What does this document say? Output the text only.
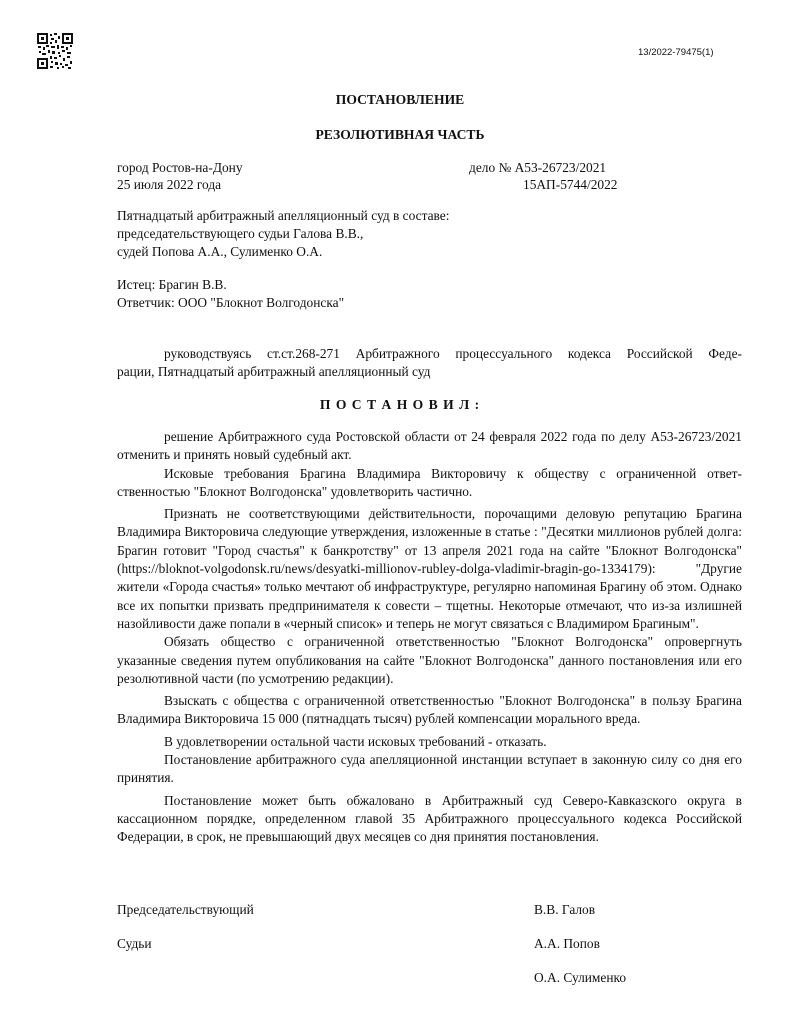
13/2022-79475(1)
ПОСТАНОВЛЕНИЕ
РЕЗОЛЮТИВНАЯ ЧАСТЬ
город Ростов-на-Дону
25 июля 2022 года
дело № А53-26723/2021
15АП-5744/2022
Пятнадцатый арбитражный апелляционный суд в составе:
председательствующего судьи Галова В.В.,
судей Попова А.А., Сулименко О.А.
Истец: Брагин В.В.
Ответчик: ООО "Блокнот Волгодонска"

руководствуясь ст.ст.268-271 Арбитражного процессуального кодекса Российской Феде-

рации, Пятнадцатый арбитражный апелляционный суд
П О С Т А Н О В И Л :

решение Арбитражного суда Ростовской области от 24 февраля 2022 года по делу А53-26723/2021 отменить и принять новый судебный акт.

Исковые требования Брагина Владимира Викторовичу к обществу с ограниченной ответственностью "Блокнот Волгодонска" удовлетворить частично.

Признать не соответствующими действительности, порочащими деловую репутацию Брагина Владимира Викторовича следующие утверждения, изложенные в статье : "Десятки миллионов рублей долга: Брагин готовит "Город счастья" к банкротству" от 13 апреля 2021 года на сайте "Блокнот Волгодонска" (https://bloknot-volgodonsk.ru/news/desyatki-millionov-rubley-dolga-vladimir-bragin-go-1334179): "Другие жители «Города счастья» только мечтают об инфраструктуре, регулярно напоминая Брагину об этом. Однако все их попытки призвать предпринимателя к совести – тщетны. Некоторые отмечают, что из-за излишней назойливости даже попали в «черный список» и теперь не могут связаться с Владимиром Брагиным".

Обязать общество с ограниченной ответственностью "Блокнот Волгодонска" опровергнуть указанные сведения путем опубликования на сайте "Блокнот Волгодонска" данного постановления или его резолютивной части (по усмотрению редакции).

Взыскать с общества с ограниченной ответственностью "Блокнот Волгодонска" в пользу Брагина Владимира Викторовича 15 000 (пятнадцать тысяч) рублей компенсации морального вреда.

В удовлетворении остальной части исковых требований - отказать.

Постановление арбитражного суда апелляционной инстанции вступает в законную силу со дня его принятия.

Постановление может быть обжаловано в Арбитражный суд Северо-Кавказского округа в кассационном порядке, определенном главой 35 Арбитражного процессуального кодекса Российской Федерации, в срок, не превышающий двух месяцев со дня принятия постановления.

Председательствующий	В.В. Галов
Судьи	А.А. Попов
О.А. Сулименко
